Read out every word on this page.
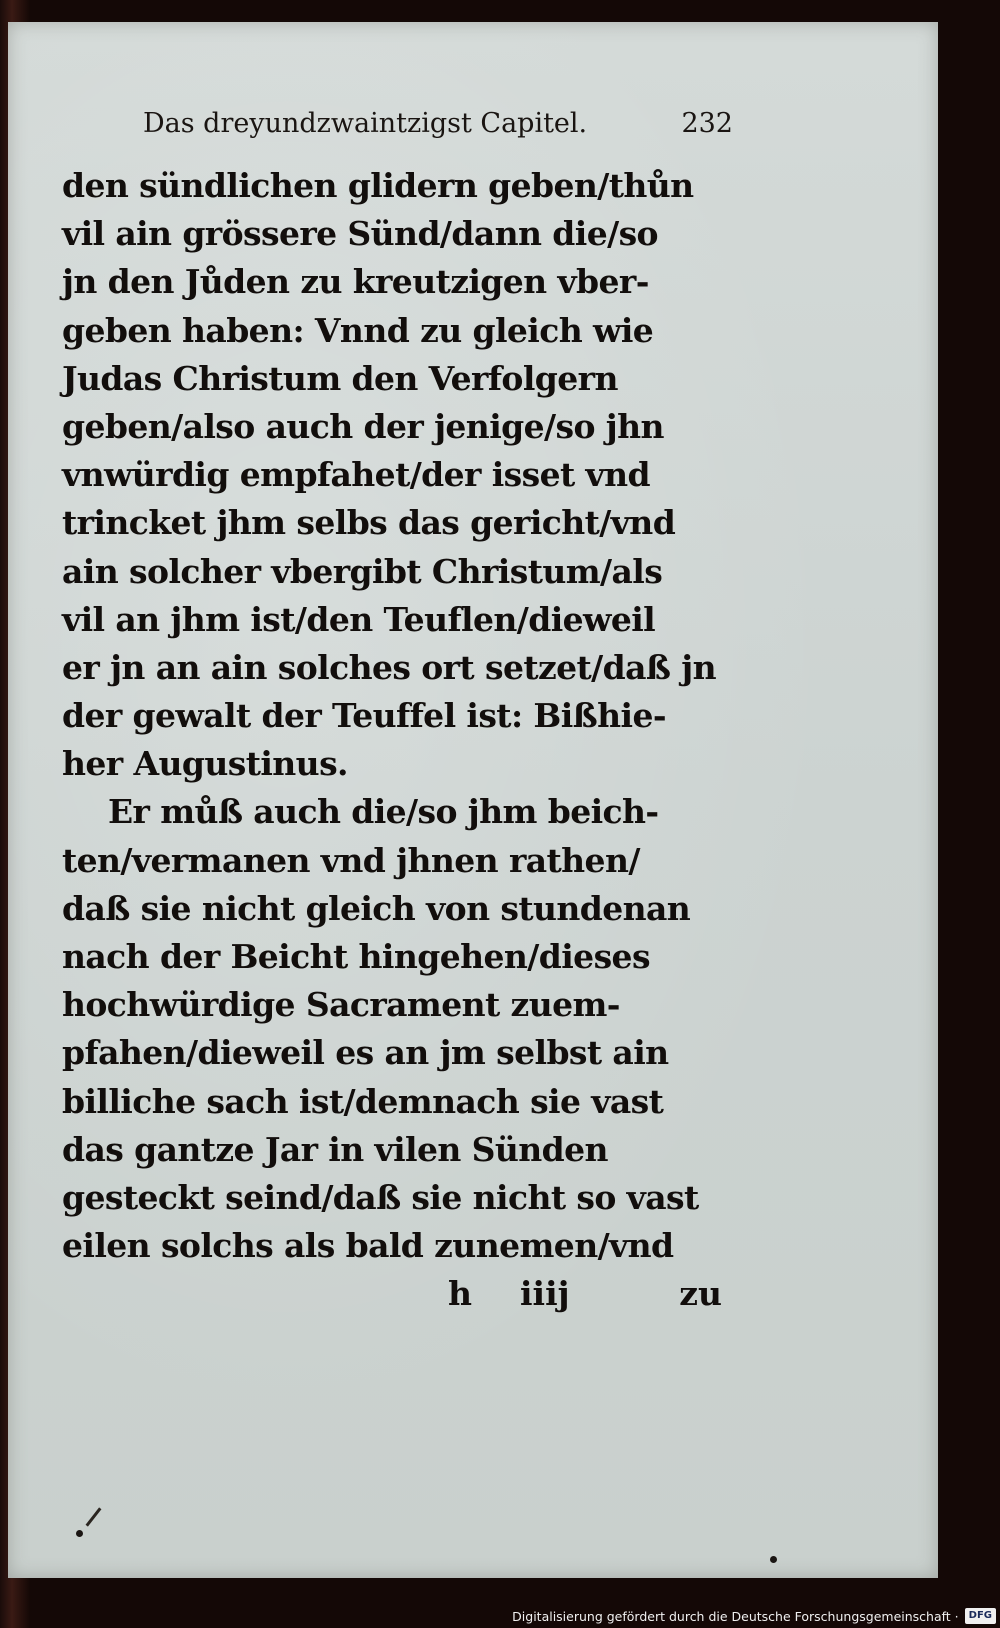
Das dreyundzwaintzigst Capitel.	232
den sündlichen glidern geben/thůn
vil ain grössere Sünd/dann die/so
jn den Jůden zu kreutzigen vber-
geben haben: Vnnd zu gleich wie
Judas Christum den Verfolgern
geben/also auch der jenige/so jhn
vnwürdig empfahet/der isset vnd
trincket jhm selbs das gericht/vnd
ain solcher vbergibt Christum/als
vil an jhm ist/den Teuflen/dieweil
er jn an ain solches ort setzet/daß jn
der gewalt der Teuffel ist: Bißhie-
her Augustinus.
Er můß auch die/so jhm beich-
ten/vermanen vnd jhnen rathen/
daß sie nicht gleich von stundenan
nach der Beicht hingehen/dieses
hochwürdige Sacrament zuem-
pfahen/dieweil es an jm selbst ain
billiche sach ist/demnach sie vast
das gantze Jar in vilen Sünden
gesteckt seind/daß sie nicht so vast
eilen solchs als bald zunemen/vnd
h iiij	zu
Digitalisierung gefördert durch die Deutsche Forschungsgemeinschaft ·	DFG
